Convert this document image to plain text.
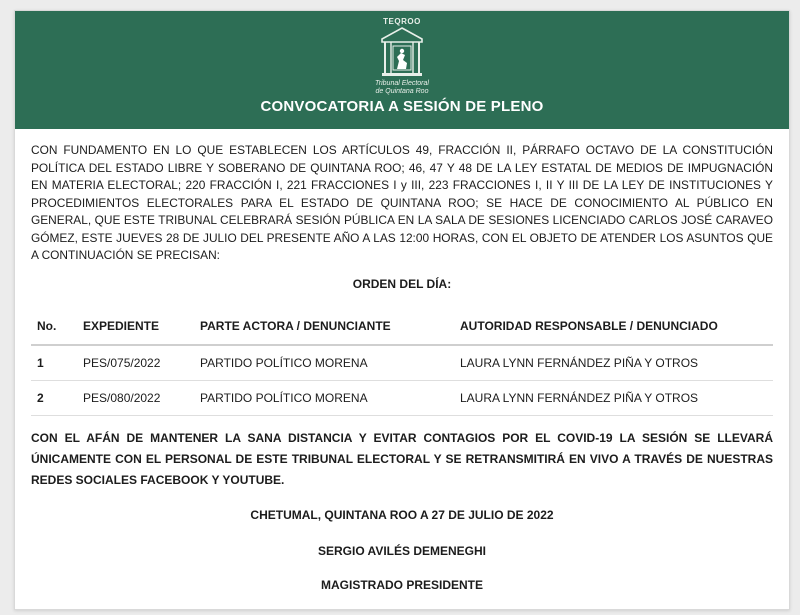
TEQROO
Tribunal Electoral
de Quintana Roo
CONVOCATORIA A SESIÓN DE PLENO
CON FUNDAMENTO EN LO QUE ESTABLECEN LOS ARTÍCULOS 49, FRACCIÓN II, PÁRRAFO OCTAVO DE LA CONSTITUCIÓN POLÍTICA DEL ESTADO LIBRE Y SOBERANO DE QUINTANA ROO; 46, 47 Y 48 DE LA LEY ESTATAL DE MEDIOS DE IMPUGNACIÓN EN MATERIA ELECTORAL; 220 FRACCIÓN I, 221 FRACCIONES I y III, 223 FRACCIONES I, II Y III DE LA LEY DE INSTITUCIONES Y PROCEDIMIENTOS ELECTORALES PARA EL ESTADO DE QUINTANA ROO; SE HACE DE CONOCIMIENTO AL PÚBLICO EN GENERAL, QUE ESTE TRIBUNAL CELEBRARÁ SESIÓN PÚBLICA EN LA SALA DE SESIONES LICENCIADO CARLOS JOSÉ CARAVEO GÓMEZ, ESTE JUEVES 28 DE JULIO DEL PRESENTE AÑO A LAS 12:00 HORAS, CON EL OBJETO DE ATENDER LOS ASUNTOS QUE A CONTINUACIÓN SE PRECISAN:
ORDEN DEL DÍA:
No.	EXPEDIENTE	PARTE ACTORA / DENUNCIANTE	AUTORIDAD RESPONSABLE / DENUNCIADO
1	PES/075/2022	PARTIDO POLÍTICO MORENA	LAURA LYNN FERNÁNDEZ PIÑA Y OTROS
2	PES/080/2022	PARTIDO POLÍTICO MORENA	LAURA LYNN FERNÁNDEZ PIÑA Y OTROS
CON EL AFÁN DE MANTENER LA SANA DISTANCIA Y EVITAR CONTAGIOS POR EL COVID-19 LA SESIÓN SE LLEVARÁ ÚNICAMENTE CON EL PERSONAL DE ESTE TRIBUNAL ELECTORAL Y SE RETRANSMITIRÁ EN VIVO A TRAVÉS DE NUESTRAS REDES SOCIALES FACEBOOK Y YOUTUBE.
CHETUMAL, QUINTANA ROO A 27 DE JULIO DE 2022
SERGIO AVILÉS DEMENEGHI
MAGISTRADO PRESIDENTE
